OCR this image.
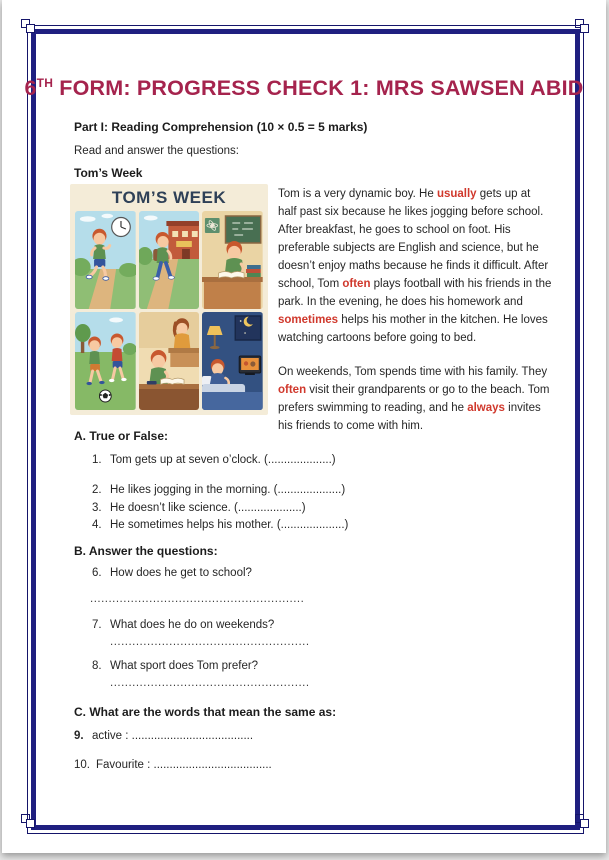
6TH FORM: PROGRESS CHECK 1: MRS SAWSEN ABID

Part I: Reading Comprehension (10 × 0.5 = 5 marks)

Read and answer the questions:

Tom’s Week

TOM’S WEEK	Tom is a very dynamic boy. He usually gets up at half past six because he likes jogging before school. After breakfast, he goes to school on foot. His preferable subjects are English and science, but he doesn’t enjoy maths because he finds it difficult. After school, Tom often plays football with his friends in the park. In the evening, he does his homework and sometimes helps his mother in the kitchen. He loves watching cartoons before going to bed.

On weekends, Tom spends time with his family. They often visit their grandparents or go to the beach. Tom prefers swimming to reading, and he always invites his friends to come with him.

A. True or False:

1. Tom gets up at seven o’clock. (....................)
2. He likes jogging in the morning. (....................)
3. He doesn’t like science. (....................)
4. He sometimes helps his mother. (....................)

B. Answer the questions:

6. How does he get to school?
..........................................................
7. What does he do on weekends?
......................................................
8. What sport does Tom prefer?
......................................................

C. What are the words that mean the same as:

9. active : ......................................
10. Favourite : .....................................
